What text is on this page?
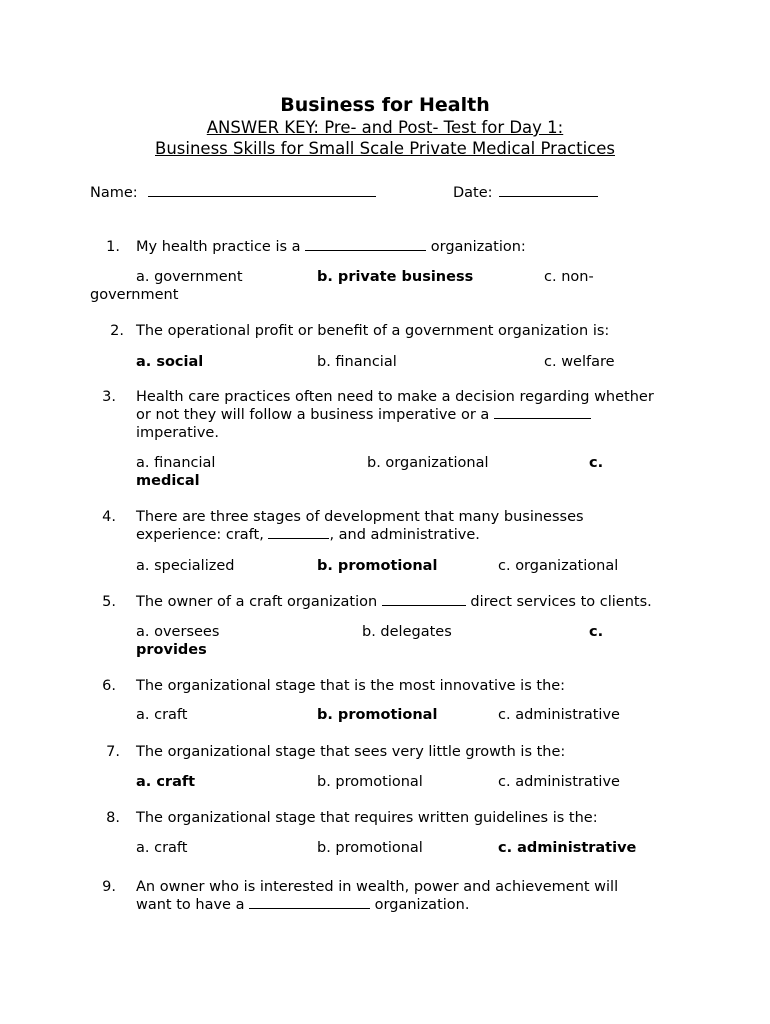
Business for Health
ANSWER KEY: Pre- and Post- Test for Day 1:
Business Skills for Small Scale Private Medical Practices
Name:	Date:
1. My health practice is a	organization:
a. government	b. private business	c. non-
government
2. The operational profit or benefit of a government organization is:
a. social	b. financial	c. welfare
3. Health care practices often need to make a decision regarding whether
or not they will follow a business imperative or a
imperative.
a. financial	b. organizational	c.
medical
4. There are three stages of development that many businesses
experience: craft,	, and administrative.
a. specialized	b. promotional	c. organizational
5. The owner of a craft organization	direct services to clients.
a. oversees	b. delegates	c.
provides
6. The organizational stage that is the most innovative is the:
a. craft	b. promotional	c. administrative
7. The organizational stage that sees very little growth is the:
a. craft	b. promotional	c. administrative
8. The organizational stage that requires written guidelines is the:
a. craft	b. promotional	c. administrative
9. An owner who is interested in wealth, power and achievement will
want to have a	organization.
